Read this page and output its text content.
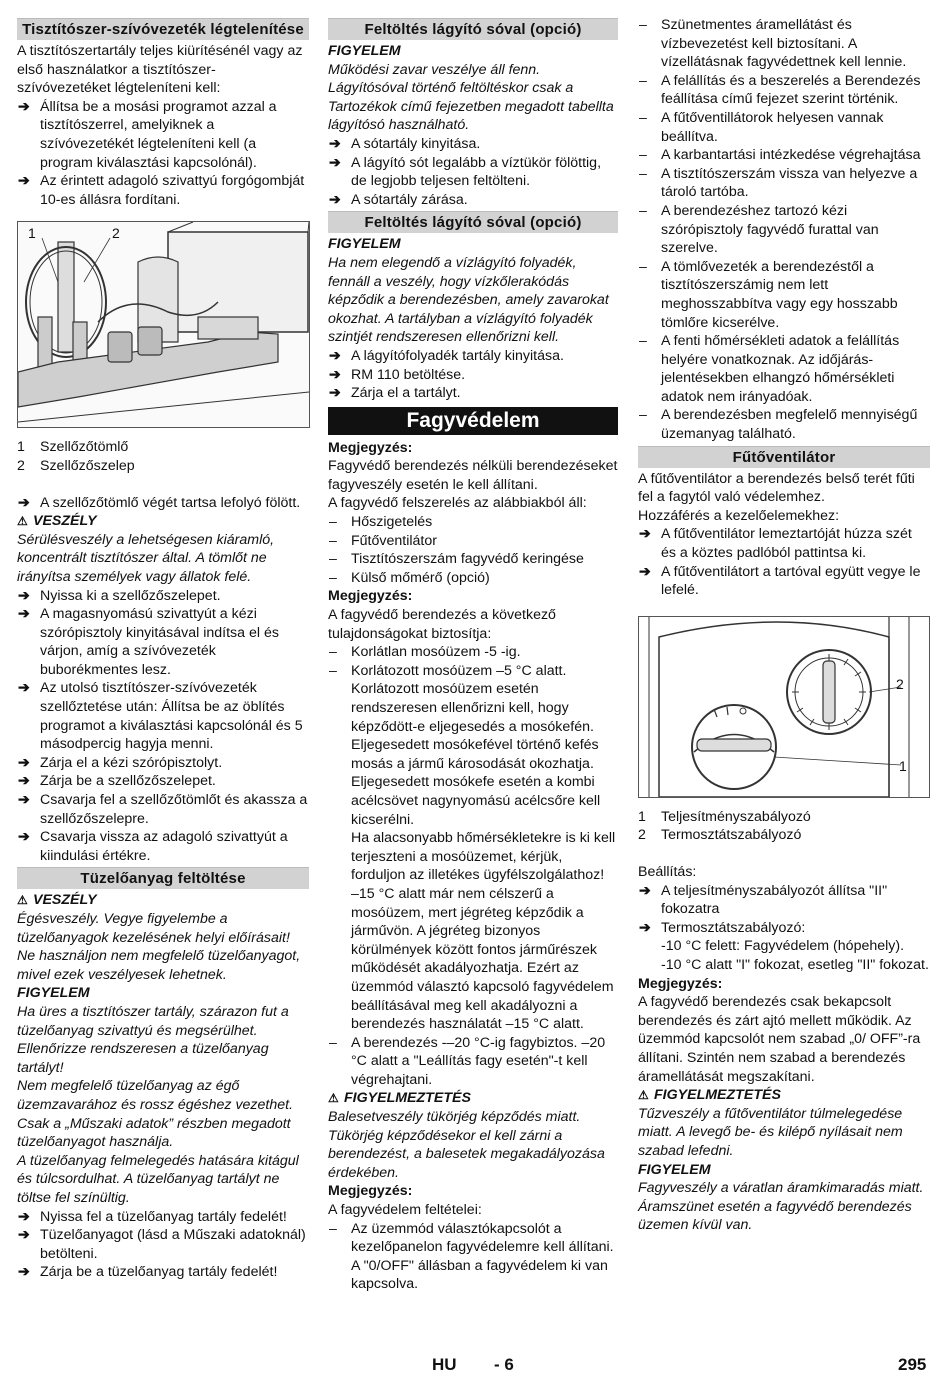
Tisztítószer-szívóvezeték légtelenítése

A tisztítószertartály teljes kiürítésénél vagy az első használatkor a tisztítószer-szívóvezetéket légteleníteni kell:

➔ Állítsa be a mosási programot azzal a tisztítószerrel, amelyiknek a szívóvezetékét légteleníteni kell (a program kiválasztási kapcsolónál).

➔ Az érintett adagoló szivattyú forgógombját 10-es állásra fordítani.

1	2

1 Szellőzőtömlő

2 Szellőzőszelep

➔ A szellőzőtömlő végét tartsa lefolyó fölött.

⚠ VESZÉLY

Sérülésveszély a lehetségesen kiáramló, koncentrált tisztítószer által. A tömlőt ne irányítsa személyek vagy állatok felé.

➔ Nyissa ki a szellőzőszelepet.

➔ A magasnyomású szivattyút a kézi szórópisztoly kinyitásával indítsa el és várjon, amíg a szívóvezeték buborékmentes lesz.

➔ Az utolsó tisztítószer-szívóvezeték szellőztetése után: Állítsa be az öblítés programot a kiválasztási kapcsolónál és 5 másodpercig hagyja menni.

➔ Zárja el a kézi szórópisztolyt.

➔ Zárja be a szellőzőszelepet.

➔ Csavarja fel a szellőzőtömlőt és akassza a szellőzőszelepre.

➔ Csavarja vissza az adagoló szivattyút a kiindulási értékre.

Tüzelőanyag feltöltése

⚠ VESZÉLY

Égésveszély. Vegye figyelembe a tüzelőanyagok kezelésének helyi előírásait!

Ne használjon nem megfelelő tüzelőanyagot, mivel ezek veszélyesek lehetnek.

FIGYELEM

Ha üres a tisztítószer tartály, szárazon fut a tüzelőanyag szivattyú és megsérülhet. Ellenőrizze rendszeresen a tüzelőanyag tartályt!

Nem megfelelő tüzelőanyag az égő üzemzavarához és rossz égéshez vezethet.

Csak a „Műszaki adatok” részben megadott tüzelőanyagot használja.

A tüzelőanyag felmelegedés hatására kitágul és túlcsordulhat. A tüzelőanyag tartályt ne töltse fel színültig.

➔ Nyissa fel a tüzelőanyag tartály fedelét!

➔ Tüzelőanyagot (lásd a Műszaki adatoknál) betölteni.

➔ Zárja be a tüzelőanyag tartály fedelét!

Feltöltés lágyító sóval (opció)

FIGYELEM

Működési zavar veszélye áll fenn. Lágyítósóval történő feltöltéskor csak a Tartozékok című fejezetben megadott tabellta lágyítósó használható.

➔ A sótartály kinyitása.

➔ A lágyító sót legalább a víztükör fölöttig, de legjobb teljesen feltölteni.

➔ A sótartály zárása.

Feltöltés lágyító sóval (opció)

FIGYELEM

Ha nem elegendő a vízlágyító folyadék, fennáll a veszély, hogy vízkőlerakódás képződik a berendezésben, amely zavarokat okozhat. A tartályban a vízlágyító folyadék szintjét rendszeresen ellenőrizni kell.

➔ A lágyítófolyadék tartály kinyitása.

➔ RM 110 betöltése.

➔ Zárja el a tartályt.

Fagyvédelem

Megjegyzés:

Fagyvédő berendezés nélküli berendezéseket fagyveszély esetén le kell állítani.

A fagyvédő felszerelés az alábbiakból áll:

– Hőszigetelés

– Fűtőventilátor

– Tisztítószerszám fagyvédő keringése

– Külső mőmérő (opció)

Megjegyzés:

A fagyvédő berendezés a következő tulajdonságokat biztosítja:

– Korlátlan mosóüzem -5 -ig.

– Korlátozott mosóüzem –5 °C alatt. Korlátozott mosóüzem esetén rendszeresen ellenőrizni kell, hogy képződött-e eljegesedés a mosókefén. Eljegesedett mosókefével történő kefés mosás a jármű károsodását okozhatja. Eljegesedett mosókefe esetén a kombi acélcsövet nagynyomású acélcsőre kell kicserélni.

Ha alacsonyabb hőmérsékletekre is ki kell terjeszteni a mosóüzemet, kérjük, forduljon az illetékes ügyfélszolgálathoz!

–15 °C alatt már nem célszerű a mosóüzem, mert jégréteg képződik a járművön. A jégréteg bizonyos körülmények között fontos járműrészek működését akadályozhatja. Ezért az üzemmód választó kapcsoló fagyvédelem beállításával meg kell akadályozni a berendezés használatát –15 °C alatt.

– A berendezés -–20 °C-ig fagybiztos. –20 °C alatt a "Leállítás fagy esetén"-t kell végrehajtani.

⚠ FIGYELMEZTETÉS

Balesetveszély tükörjég képződés miatt. Tükörjég képződésekor el kell zárni a berendezést, a balesetek megakadályozása érdekében.

Megjegyzés:

A fagyvédelem feltételei:

– Az üzemmód választókapcsolót a kezelőpanelon fagyvédelemre kell állítani. A "0/OFF" állásban a fagyvédelem ki van kapcsolva.

– Szünetmentes áramellátást és vízbevezetést kell biztosítani. A vízellátásnak fagyvédettnek kell lennie.

– A felállítás és a beszerelés a Berendezés feállítása című fejezet szerint történik.

– A fűtőventillátorok helyesen vannak beállítva.

– A karbantartási intézkedése végrehajtása

– A tisztítószerszám vissza van helyezve a tároló tartóba.

– A berendezéshez tartozó kézi szórópisztoly fagyvédő furattal van szerelve.

– A tömlővezeték a berendezéstől a tisztítószerszámig nem lett meghosszabbítva vagy egy hosszabb tömlőre kicserélve.

– A fenti hőmérsékleti adatok a felállítás helyére vonatkoznak. Az időjárás-jelentésekben elhangzó hőmérsékleti adatok nem irányadóak.

– A berendezésben megfelelő mennyiségű üzemanyag található.

Fűtőventilátor

A fűtőventilátor a berendezés belső terét fűti fel a fagytól való védelemhez.

Hozzáférés a kezelőelemekhez:

➔ A fűtőventilátor lemeztartóját húzza szét és a köztes padlóból pattintsa ki.

➔ A fűtőventilátort a tartóval együtt vegye le lefelé.

2
1

1 Teljesítményszabályozó

2 Termosztátszabályozó

Beállítás:

➔ A teljesítményszabályozót állítsa "II" fokozatra

➔ Termosztátszabályozó:

-10 °C felett: Fagyvédelem (hópehely).

-10 °C alatt "I" fokozat, esetleg "II" fokozat.

Megjegyzés:

A fagyvédő berendezés csak bekapcsolt berendezés és zárt ajtó mellett működik. Az üzemmód kapcsolót nem szabad „0/ OFF”-ra állítani. Szintén nem szabad a berendezés áramellátását megszakítani.

⚠ FIGYELMEZTETÉS

Tűzveszély a fűtőventilátor túlmelegedése miatt. A levegő be- és kilépő nyílásait nem szabad lefedni.

FIGYELEM

Fagyveszély a váratlan áramkimaradás miatt. Áramszünet esetén a fagyvédő berendezés üzemen kívül van.

HU - 6	295
